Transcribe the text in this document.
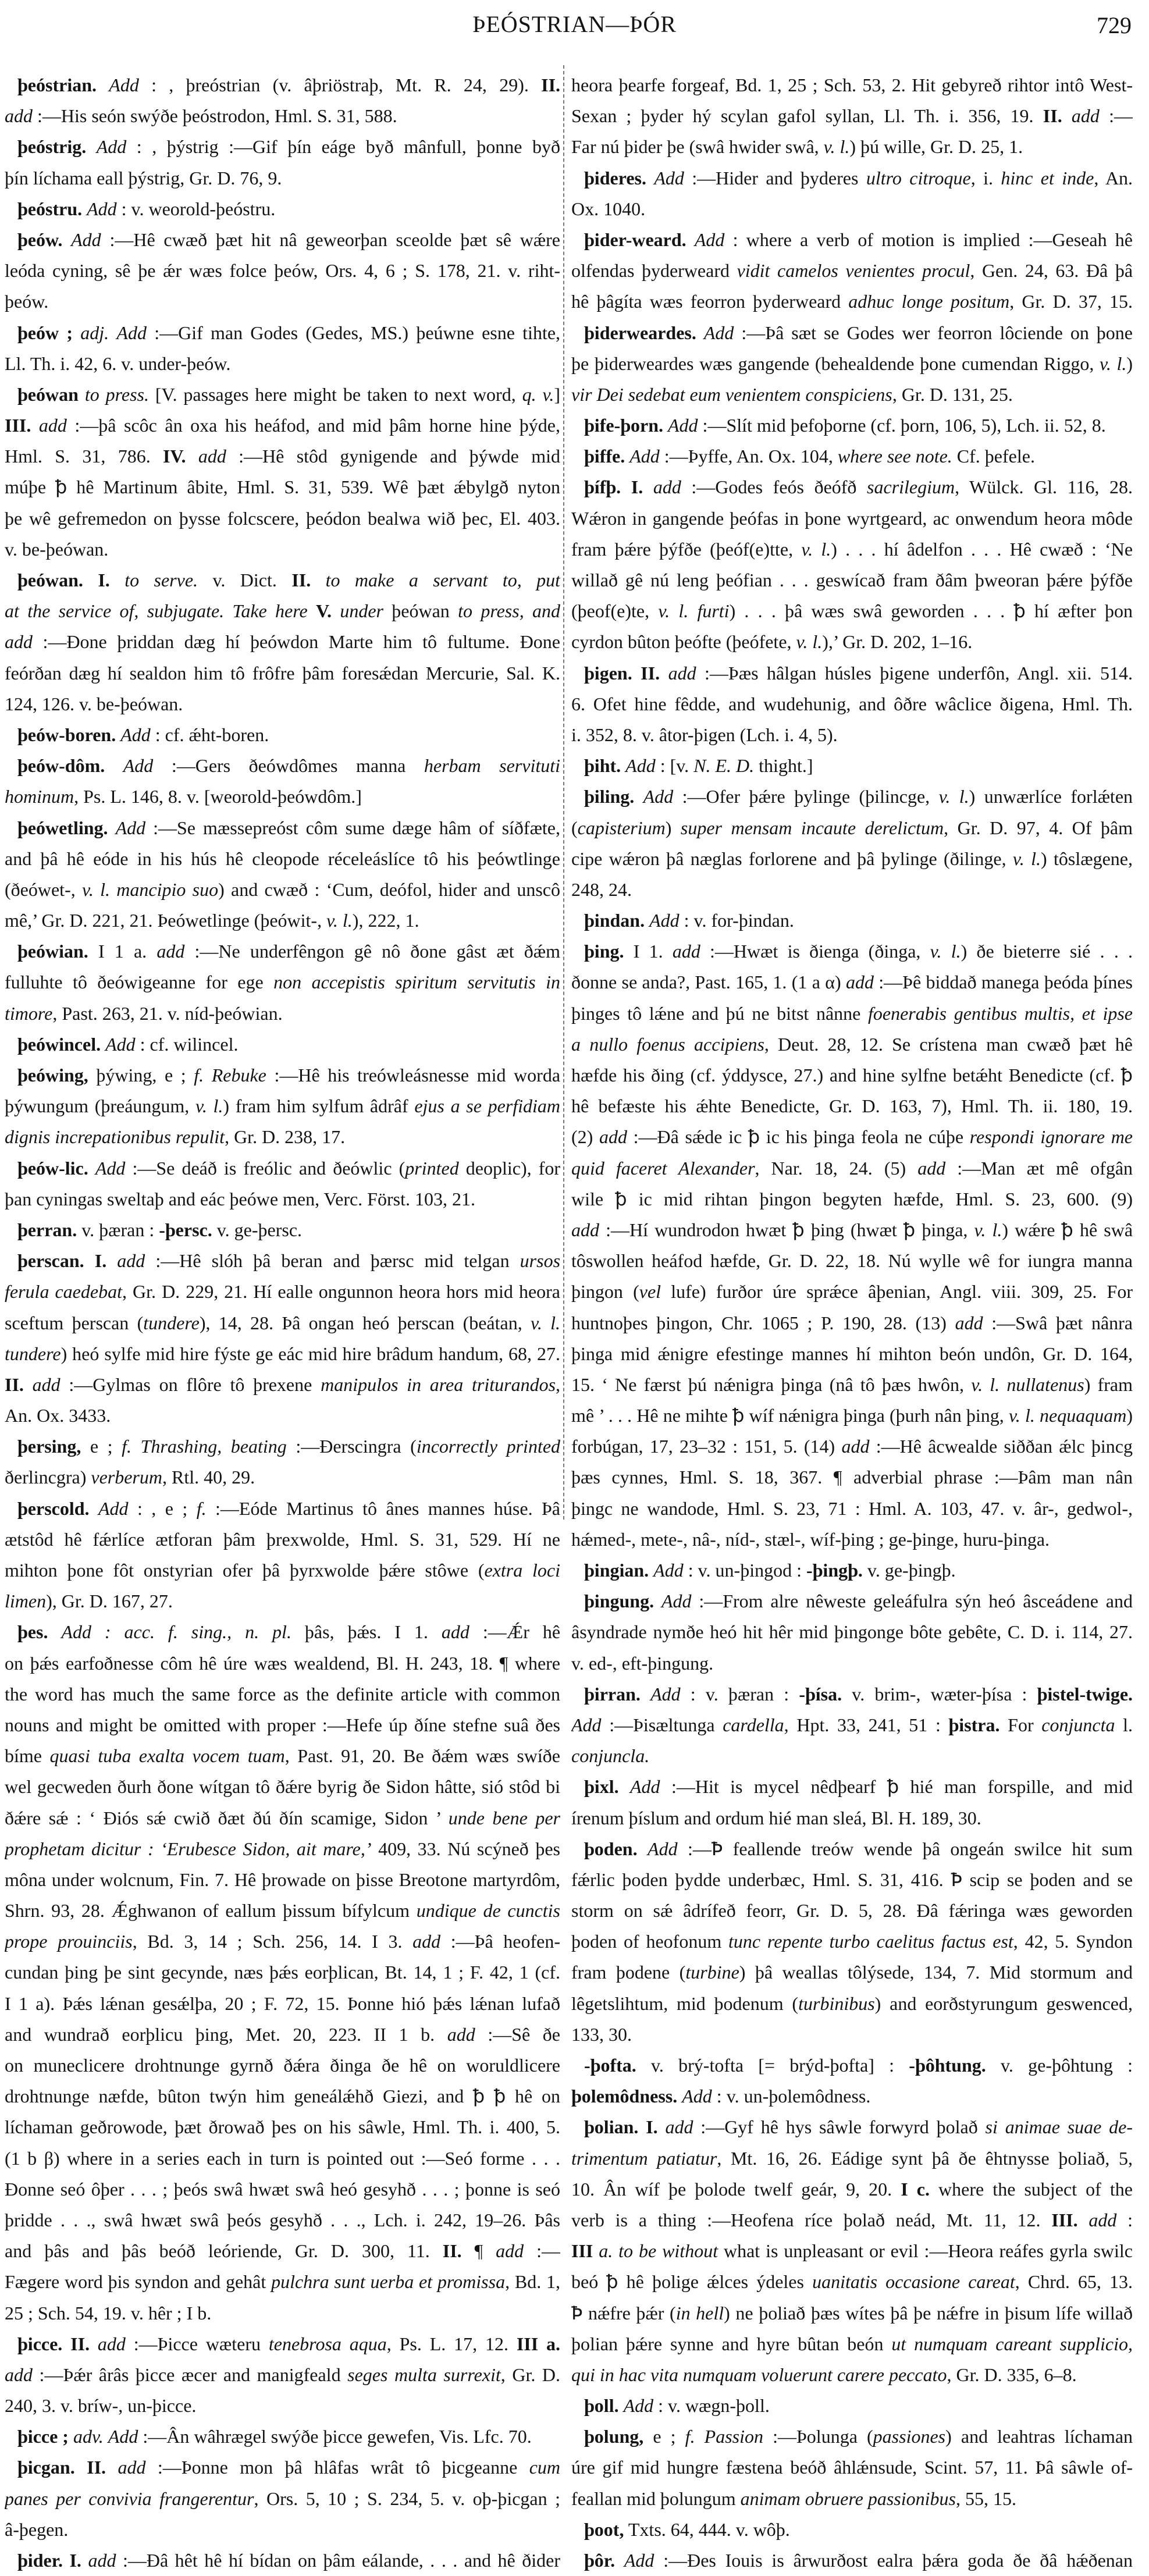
ÞEÓSTRIAN—ÞÓR	729
þeóstrian. Add : , þreóstrian (v. âþriöstraþ, Mt. R. 24, 29). II.
add :—His seón swýðe þeóstrodon, Hml. S. 31, 588.
þeóstrig. Add : , þýstrig :—Gif þín eáge byð mânfull, þonne byð
þín líchama eall þýstrig, Gr. D. 76, 9.
þeóstru. Add : v. weorold-þeóstru.
þeów. Add :—Hê cwæð þæt hit nâ geweorþan sceolde þæt sê wǽre
leóda cyning, sê þe ǽr wæs folce þeów, Ors. 4, 6 ; S. 178, 21. v. riht-
þeów.
þeów ; adj. Add :—Gif man Godes (Gedes, MS.) þeúwne esne tihte,
Ll. Th. i. 42, 6. v. under-þeów.
þeówan to press. [V. passages here might be taken to next word, q. v.]
III. add :—þâ scôc ân oxa his heáfod, and mid þâm horne hine þýde,
Hml. S. 31, 786. IV. add :—Hê stôd gynigende and þýwde mid
múþe ꝥ hê Martinum âbite, Hml. S. 31, 539. Wê þæt ǽbylgð nyton
þe wê gefremedon on þysse folcscere, þeódon bealwa wið þec, El. 403.
v. be-þeówan.
þeówan. I. to serve. v. Dict. II. to make a servant to, put
at the service of, subjugate. Take here V. under þeówan to press, and
add :—Đone þriddan dæg hí þeówdon Marte him tô fultume. Đone
feórðan dæg hí sealdon him tô frôfre þâm foresǽdan Mercurie, Sal. K.
124, 126. v. be-þeówan.
þeów-boren. Add : cf. ǽht-boren.
þeów-dôm. Add :—Gers ðeówdômes manna herbam servituti
hominum, Ps. L. 146, 8. v. [weorold-þeówdôm.]
þeówetling. Add :—Se mæssepreóst côm sume dæge hâm of síðfæte,
and þâ hê eóde in his hús hê cleopode réceleáslíce tô his þeówtlinge
(ðeówet-, v. l. mancipio suo) and cwæð : ‘Cum, deófol, hider and unscô
mê,’ Gr. D. 221, 21. Þeówetlinge (þeówit-, v. l.), 222, 1.
þeówian. I 1 a. add :—Ne underfêngon gê nô ðone gâst æt ðǽm
fulluhte tô ðeówigeanne for ege non accepistis spiritum servitutis in
timore, Past. 263, 21. v. níd-þeówian.
þeówincel. Add : cf. wilincel.
þeówing, þýwing, e ; f. Rebuke :—Hê his treówleásnesse mid worda
þýwungum (þreáungum, v. l.) fram him sylfum âdrâf ejus a se perfidiam
dignis increpationibus repulit, Gr. D. 238, 17.
þeów-lic. Add :—Se deáð is freólic and ðeówlic (printed deoplic), for
þan cyningas sweltaþ and eác þeówe men, Verc. Först. 103, 21.
þerran. v. þæran : -þersc. v. ge-þersc.
þerscan. I. add :—Hê slóh þâ beran and þærsc mid telgan ursos
ferula caedebat, Gr. D. 229, 21. Hí ealle ongunnon heora hors mid heora
sceftum þerscan (tundere), 14, 28. Þâ ongan heó þerscan (beátan, v. l.
tundere) heó sylfe mid hire fýste ge eác mid hire brâdum handum, 68, 27.
II. add :—Gylmas on flôre tô þrexene manipulos in area triturandos,
An. Ox. 3433.
þersing, e ; f. Thrashing, beating :—Đerscingra (incorrectly printed
ðerlincgra) verberum, Rtl. 40, 29.
þerscold. Add : , e ; f. :—Eóde Martinus tô ânes mannes húse. Þâ
ætstôd hê fǽrlíce ætforan þâm þrexwolde, Hml. S. 31, 529. Hí ne
mihton þone fôt onstyrian ofer þâ þyrxwolde þǽre stôwe (extra loci
limen), Gr. D. 167, 27.
þes. Add : acc. f. sing., n. pl. þâs, þǽs. I 1. add :—Ǽr hê
on þǽs earfoðnesse côm hê úre wæs wealdend, Bl. H. 243, 18. ¶ where
the word has much the same force as the definite article with common
nouns and might be omitted with proper :—Hefe úp ðíne stefne suâ ðes
bíme quasi tuba exalta vocem tuam, Past. 91, 20. Be ðǽm wæs swíðe
wel gecweden ðurh ðone wítgan tô ðǽre byrig ðe Sidon hâtte, sió stôd bi
ðǽre sǽ : ‘ Điós sǽ cwið ðæt ðú ðín scamige, Sidon ’ unde bene per
prophetam dicitur : ‘Erubesce Sidon, ait mare,’ 409, 33. Nú scýneð þes
môna under wolcnum, Fin. 7. Hê þrowade on þisse Breotone martyrdôm,
Shrn. 93, 28. Ǽghwanon of eallum þissum bífylcum undique de cunctis
prope prouinciis, Bd. 3, 14 ; Sch. 256, 14. I 3. add :—Þâ heofen-
cundan þing þe sint gecynde, næs þǽs eorþlican, Bt. 14, 1 ; F. 42, 1 (cf.
I 1 a). Þǽs lǽnan gesǽlþa, 20 ; F. 72, 15. Þonne hió þǽs lǽnan lufað
and wundrað eorþlicu þing, Met. 20, 223. II 1 b. add :—Sê ðe
on muneclicere drohtnunge gyrnð ðǽra ðinga ðe hê on woruldlicere
drohtnunge næfde, bûton twýn him geneálǽhð Giezi, and ꝥ ꝥ hê on
líchaman geðrowode, þæt ðrowað þes on his sâwle, Hml. Th. i. 400, 5.
(1 b β) where in a series each in turn is pointed out :—Seó forme . . .
Đonne seó ôþer . . . ; þeós swâ hwæt swâ heó gesyhð . . . ; þonne is seó
þridde . . ., swâ hwæt swâ þeós gesyhð . . ., Lch. i. 242, 19–26. Þâs
and þâs and þâs beóð leóriende, Gr. D. 300, 11. II. ¶ add :—
Fægere word þis syndon and gehât pulchra sunt uerba et promissa, Bd. 1,
25 ; Sch. 54, 19. v. hêr ; I b.
þicce. II. add :—Þicce wæteru tenebrosa aqua, Ps. L. 17, 12. III a.
add :—Þǽr ârâs þicce æcer and manigfeald seges multa surrexit, Gr. D.
240, 3. v. bríw-, un-þicce.
þicce ; adv. Add :—Ân wâhrægel swýðe þicce gewefen, Vis. Lfc. 70.
þicgan. II. add :—Þonne mon þâ hlâfas wrât tô þicgeanne cum
panes per convivia frangerentur, Ors. 5, 10 ; S. 234, 5. v. oþ-þicgan ;
â-þegen.
þider. I. add :—Đâ hêt hê hí bídan on þâm eálande, . . . and hê ðider
heora þearfe forgeaf, Bd. 1, 25 ; Sch. 53, 2. Hit gebyreð rihtor intô West-
Sexan ; þyder hý scylan gafol syllan, Ll. Th. i. 356, 19. II. add :—
Far nú þider þe (swâ hwider swâ, v. l.) þú wille, Gr. D. 25, 1.
þideres. Add :—Hider and þyderes ultro citroque, i. hinc et inde, An.
Ox. 1040.
þider-weard. Add : where a verb of motion is implied :—Geseah hê
olfendas þyderweard vidit camelos venientes procul, Gen. 24, 63. Đâ þâ
hê þâgíta wæs feorron þyderweard adhuc longe positum, Gr. D. 37, 15.
þiderweardes. Add :—Þâ sæt se Godes wer feorron lôciende on þone
þe þiderweardes wæs gangende (behealdende þone cumendan Riggo, v. l.)
vir Dei sedebat eum venientem conspiciens, Gr. D. 131, 25.
þife-þorn. Add :—Slít mid þefoþorne (cf. þorn, 106, 5), Lch. ii. 52, 8.
þiffe. Add :—Þyffe, An. Ox. 104, where see note. Cf. þefele.
þífþ. I. add :—Godes feós ðeófð sacrilegium, Wülck. Gl. 116, 28.
Wǽron in gangende þeófas in þone wyrtgeard, ac onwendum heora môde
fram þǽre þýfðe (þeóf(e)tte, v. l.) . . . hí âdelfon . . . Hê cwæð : ‘Ne
willað gê nú leng þeófian . . . geswícað fram ðâm þweoran þǽre þýfðe
(þeof(e)te, v. l. furti) . . . þâ wæs swâ geworden . . . ꝥ hí æfter þon
cyrdon bûton þeófte (þeófete, v. l.),’ Gr. D. 202, 1–16.
þigen. II. add :—Þæs hâlgan húsles þigene underfôn, Angl. xii. 514.
6. Ofet hine fêdde, and wudehunig, and ôðre wâclice ðigena, Hml. Th.
i. 352, 8. v. âtor-þigen (Lch. i. 4, 5).
þiht. Add : [v. N. E. D. thight.]
þiling. Add :—Ofer þǽre þylinge (þilincge, v. l.) unwærlíce forlǽten
(capisterium) super mensam incaute derelictum, Gr. D. 97, 4. Of þâm
cipe wǽron þâ næglas forlorene and þâ þylinge (ðilinge, v. l.) tôslægene,
248, 24.
þindan. Add : v. for-þindan.
þing. I 1. add :—Hwæt is ðienga (ðinga, v. l.) ðe bieterre sié . . .
ðonne se anda?, Past. 165, 1. (1 a α) add :—Þê biddað manega þeóda þínes
þinges tô lǽne and þú ne bitst nânne foenerabis gentibus multis, et ipse
a nullo foenus accipiens, Deut. 28, 12. Se crístena man cwæð þæt hê
hæfde his ðing (cf. ýddysce, 27.) and hine sylfne betǽht Benedicte (cf. ꝥ
hê befæste his ǽhte Benedicte, Gr. D. 163, 7), Hml. Th. ii. 180, 19.
(2) add :—Đâ sǽde ic ꝥ ic his þinga feola ne cúþe respondi ignorare me
quid faceret Alexander, Nar. 18, 24. (5) add :—Man æt mê ofgân
wile ꝥ ic mid rihtan þingon begyten hæfde, Hml. S. 23, 600. (9)
add :—Hí wundrodon hwæt ꝥ þing (hwæt ꝥ þinga, v. l.) wǽre ꝥ hê swâ
tôswollen heáfod hæfde, Gr. D. 22, 18. Nú wylle wê for iungra manna
þingon (vel lufe) furðor úre sprǽce âþenian, Angl. viii. 309, 25. For
huntnoþes þingon, Chr. 1065 ; P. 190, 28. (13) add :—Swâ þæt nânra
þinga mid ǽnigre efestinge mannes hí mihton beón undôn, Gr. D. 164,
15. ‘ Ne færst þú nǽnigra þinga (nâ tô þæs hwôn, v. l. nullatenus) fram
mê ’ . . . Hê ne mihte ꝥ wíf nǽnigra þinga (þurh nân þing, v. l. nequaquam)
forbúgan, 17, 23–32 : 151, 5. (14) add :—Hê âcwealde siððan ǽlc þincg
þæs cynnes, Hml. S. 18, 367. ¶ adverbial phrase :—Þâm man nân
þingc ne wandode, Hml. S. 23, 71 : Hml. A. 103, 47. v. âr-, gedwol-,
hǽmed-, mete-, nâ-, níd-, stæl-, wíf-þing ; ge-þinge, huru-þinga.
þingian. Add : v. un-þingod : -þingþ. v. ge-þingþ.
þingung. Add :—From alre nêweste geleáfulra sýn heó âsceádene and
âsyndrade nymðe heó hit hêr mid þingonge bôte gebête, C. D. i. 114, 27.
v. ed-, eft-þingung.
þirran. Add : v. þæran : -þísa. v. brim-, wæter-þísa : þistel-twige.
Add :—Þisæltunga cardella, Hpt. 33, 241, 51 : þistra. For conjuncta l.
conjuncla.
þixl. Add :—Hit is mycel nêdþearf ꝥ hié man forspille, and mid
írenum þíslum and ordum hié man sleá, Bl. H. 189, 30.
þoden. Add :—Ꝥ feallende treów wende þâ ongeán swilce hit sum
fǽrlic þoden þydde underbæc, Hml. S. 31, 416. Ꝥ scip se þoden and se
storm on sǽ âdrífeð feorr, Gr. D. 5, 28. Đâ fǽringa wæs geworden
þoden of heofonum tunc repente turbo caelitus factus est, 42, 5. Syndon
fram þodene (turbine) þâ weallas tôlýsede, 134, 7. Mid stormum and
lêgetslihtum, mid þodenum (turbinibus) and eorðstyrungum geswenced,
133, 30.
-þofta. v. brý-tofta [= brýd-þofta] : -þôhtung. v. ge-þôhtung :
þolemôdness. Add : v. un-þolemôdness.
þolian. I. add :—Gyf hê hys sâwle forwyrd þolað si animae suae de-
trimentum patiatur, Mt. 16, 26. Eádige synt þâ ðe êhtnysse þoliað, 5,
10. Ân wíf þe þolode twelf geár, 9, 20. I c. where the subject of the
verb is a thing :—Heofena ríce þolað neád, Mt. 11, 12. III. add :
III a. to be without what is unpleasant or evil :—Heora reáfes gyrla swilc
beó ꝥ hê þolige ǽlces ýdeles uanitatis occasione careat, Chrd. 65, 13.
Ꝥ nǽfre þǽr (in hell) ne þoliað þæs wítes þâ þe nǽfre in þisum lífe willað
þolian þǽre synne and hyre bûtan beón ut numquam careant supplicio,
qui in hac vita numquam voluerunt carere peccato, Gr. D. 335, 6–8.
þoll. Add : v. wægn-þoll.
þolung, e ; f. Passion :—Þolunga (passiones) and leahtras líchaman
úre gif mid hungre fæstena beóð âhlǽnsude, Scint. 57, 11. Þâ sâwle of-
feallan mid þolungum animam obruere passionibus, 55, 15.
þoot, Txts. 64, 444. v. wôþ.
þôr. Add :—Đes Iouis is ârwurðost ealra þǽra goda ðe ðâ hǽðenan
